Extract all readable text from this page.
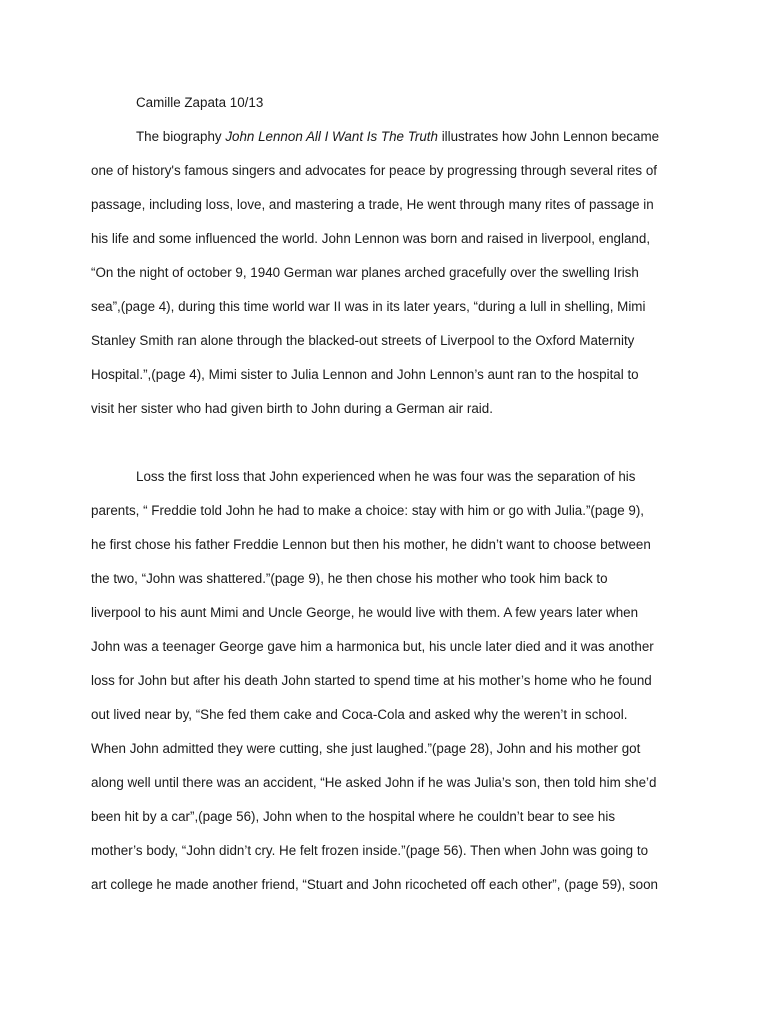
Camille Zapata 10/13
The biography John Lennon All I Want Is The Truth illustrates how John Lennon became
one of history's famous singers and advocates for peace by progressing through several rites of
passage, including loss, love, and mastering a trade, He went through many rites of passage in
his life and some influenced the world. John Lennon was born and raised in liverpool, england,
“On the night of october 9, 1940 German war planes arched gracefully over the swelling Irish
sea”,(page 4), during this time world war II was in its later years, “during a lull in shelling, Mimi
Stanley Smith ran alone through the blacked-out streets of Liverpool to the Oxford Maternity
Hospital.”,(page 4), Mimi sister to Julia Lennon and John Lennon’s aunt ran to the hospital to
visit her sister who had given birth to John during a German air raid.
Loss the first loss that John experienced when he was four was the separation of his
parents, “ Freddie told John he had to make a choice: stay with him or go with Julia.”(page 9),
he first chose his father Freddie Lennon but then his mother, he didn’t want to choose between
the two, “John was shattered.”(page 9), he then chose his mother who took him back to
liverpool to his aunt Mimi and Uncle George, he would live with them. A few years later when
John was a teenager George gave him a harmonica but, his uncle later died and it was another
loss for John but after his death John started to spend time at his mother’s home who he found
out lived near by, “She fed them cake and Coca-Cola and asked why the weren’t in school.
When John admitted they were cutting, she just laughed.”(page 28), John and his mother got
along well until there was an accident, “He asked John if he was Julia’s son, then told him she’d
been hit by a car”,(page 56), John when to the hospital where he couldn’t bear to see his
mother’s body, “John didn’t cry. He felt frozen inside.”(page 56). Then when John was going to
art college he made another friend, “Stuart and John ricocheted off each other”, (page 59), soon
